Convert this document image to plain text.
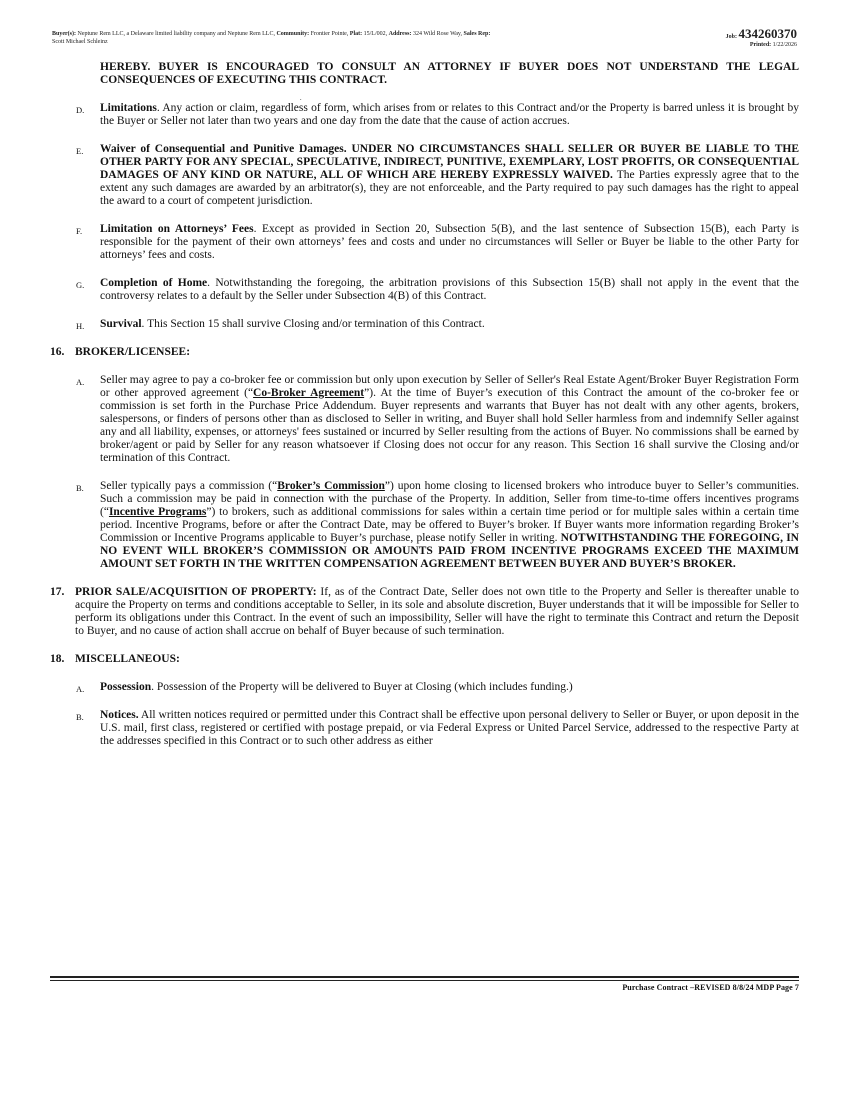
Buyer(s): Neptune Rem LLC, a Delaware limited liability company and Neptune Rem LLC, Community: Frontier Pointe, Plat: 15/L/002, Address: 324 Wild Rose Way, Sales Rep:
Scott Michael Schleinz
Job: 434260370
Printed: 1/22/2026
•

HEREBY. BUYER IS ENCOURAGED TO CONSULT AN ATTORNEY IF BUYER DOES NOT UNDERSTAND THE LEGAL CONSEQUENCES OF EXECUTING THIS CONTRACT.

D. Limitations. Any action or claim, regardless of form, which arises from or relates to this Contract and/or the Property is barred unless it is brought by the Buyer or Seller not later than two years and one day from the date that the cause of action accrues.

E. Waiver of Consequential and Punitive Damages. UNDER NO CIRCUMSTANCES SHALL SELLER OR BUYER BE LIABLE TO THE OTHER PARTY FOR ANY SPECIAL, SPECULATIVE, INDIRECT, PUNITIVE, EXEMPLARY, LOST PROFITS, OR CONSEQUENTIAL DAMAGES OF ANY KIND OR NATURE, ALL OF WHICH ARE HEREBY EXPRESSLY WAIVED. The Parties expressly agree that to the extent any such damages are awarded by an arbitrator(s), they are not enforceable, and the Party required to pay such damages has the right to appeal the award to a court of competent jurisdiction.

F. Limitation on Attorneys’ Fees. Except as provided in Section 20, Subsection 5(B), and the last sentence of Subsection 15(B), each Party is responsible for the payment of their own attorneys’ fees and costs and under no circumstances will Seller or Buyer be liable to the other Party for attorneys’ fees and costs.

G. Completion of Home. Notwithstanding the foregoing, the arbitration provisions of this Subsection 15(B) shall not apply in the event that the controversy relates to a default by the Seller under Subsection 4(B) of this Contract.

H. Survival. This Section 15 shall survive Closing and/or termination of this Contract.

16. BROKER/LICENSEE:

A. Seller may agree to pay a co-broker fee or commission but only upon execution by Seller of Seller's Real Estate Agent/Broker Buyer Registration Form or other approved agreement (“Co-Broker Agreement”). At the time of Buyer’s execution of this Contract the amount of the co-broker fee or commission is set forth in the Purchase Price Addendum. Buyer represents and warrants that Buyer has not dealt with any other agents, brokers, salespersons, or finders of persons other than as disclosed to Seller in writing, and Buyer shall hold Seller harmless from and indemnify Seller against any and all liability, expenses, or attorneys' fees sustained or incurred by Seller resulting from the actions of Buyer. No commissions shall be earned by broker/agent or paid by Seller for any reason whatsoever if Closing does not occur for any reason. This Section 16 shall survive the Closing and/or termination of this Contract.

B. Seller typically pays a commission (“Broker’s Commission”) upon home closing to licensed brokers who introduce buyer to Seller’s communities. Such a commission may be paid in connection with the purchase of the Property. In addition, Seller from time-to-time offers incentives programs (“Incentive Programs”) to brokers, such as additional commissions for sales within a certain time period or for multiple sales within a certain time period. Incentive Programs, before or after the Contract Date, may be offered to Buyer’s broker. If Buyer wants more information regarding Broker’s Commission or Incentive Programs applicable to Buyer’s purchase, please notify Seller in writing. NOTWITHSTANDING THE FOREGOING, IN NO EVENT WILL BROKER’S COMMISSION OR AMOUNTS PAID FROM INCENTIVE PROGRAMS EXCEED THE MAXIMUM AMOUNT SET FORTH IN THE WRITTEN COMPENSATION AGREEMENT BETWEEN BUYER AND BUYER’S BROKER.

17. PRIOR SALE/ACQUISITION OF PROPERTY: If, as of the Contract Date, Seller does not own title to the Property and Seller is thereafter unable to acquire the Property on terms and conditions acceptable to Seller, in its sole and absolute discretion, Buyer understands that it will be impossible for Seller to perform its obligations under this Contract. In the event of such an impossibility, Seller will have the right to terminate this Contract and return the Deposit to Buyer, and no cause of action shall accrue on behalf of Buyer because of such termination.

18. MISCELLANEOUS:

A. Possession. Possession of the Property will be delivered to Buyer at Closing (which includes funding.)

B. Notices. All written notices required or permitted under this Contract shall be effective upon personal delivery to Seller or Buyer, or upon deposit in the U.S. mail, first class, registered or certified with postage prepaid, or via Federal Express or United Parcel Service, addressed to the respective Party at the addresses specified in this Contract or to such other address as either

Purchase Contract –REVISED 8/8/24 MDP Page 7
